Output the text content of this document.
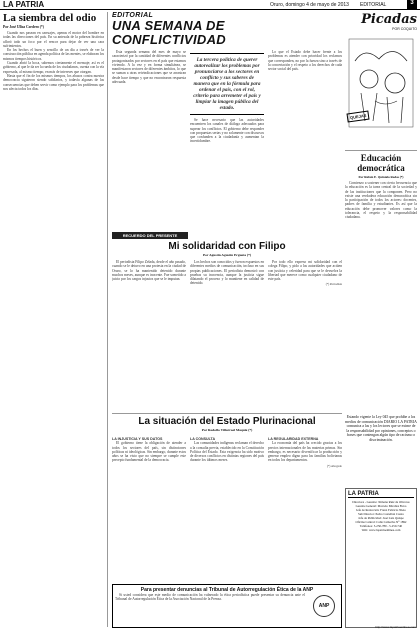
LA PATRIA	Oruro, domingo 4 de mayo de 2013 EDITORIAL	3
La siembra del odio
Por José Ulloa Cordero (*)

Cuando nos pasean en carruajes, apenas el motor del hombre en todas las direcciones del país. En su antesala de la pobreza histórica afloró todo un foco por el rencor para dejar de ver una cara sufrimientos.

En los hechos el buen y sencillo de un día a través de ver la construcción pública en agenda política de las mentes, se elaboran los mismos tiempos históricos.

Cuando abrió la boca, sabemos ciertamente el mensaje; así es el gobierno, al que le da ser la rueda de los ciudadanos, cuenta con la vía expresada, al mismo tiempo, en más de intereses que otorgan.

Hasta que el fin de los mismos tiempos, los abusos contra nuestra democracia siguieron siendo solidarios, y todavía algunas de las consecuencias que deben servir como ejemplo para los problemas que nos afecta todos los días.

EDITORIAL
UNA SEMANA DE CONFLICTIVIDAD

Esta segunda semana del mes de mayo se caracterizó por la cantidad de diferentes conflictos protagonizados por sectores en el país que estamos viviendo. A la vez y en forma simultánea, se manifestaron sectores de diferentes ámbitos, lo que se suman a otras reivindicaciones que se arrastran desde hace tiempo y que no encontraron respuesta adecuada.

La tercera política de querer autorealizar los problemas por pronunciarse a los sectores en conflicto y sus saberes de manera que en la fórmula para ordenar el país, con el rol, criterio para arremeter el país y limpiar la imagen pública del estado.

Se hace necesario que las autoridades encuentren los canales de diálogo adecuados para superar los conflictos. El gobierno debe responder con propuestas serias y no solamente con discursos que confunden a la ciudadanía y aumentan la incertidumbre.

Lo que el Estado debe hacer frente a los problemas es atender con prioridad los reclamos que corresponden, no por la fuerza sino a través de la concertación y el respeto a los derechos de cada sector social del país.

Picadas
POR COQUITO
QUEJAS
Educación democrática
Por Rubén E. Quintela Rodas (*)

Comienzo a sostener con cierta frecuencia que la educación es la tarea central de la sociedad y de las instituciones que la componen. Pero no existe una verdadera educación democrática sin la participación de todos los actores: docentes, padres de familia y estudiantes. Es así que la educación debe promover valores como la tolerancia, el respeto y la responsabilidad ciudadana.

Estando vigente la Ley 045 que prohíbe a los medios de comunicación DIARIO LA PATRIA comunica a las y los lectores que se exime de la responsabilidad por opiniones, conceptos o frases que contengan algún tipo de racismo o discriminación.
LA PATRIA
Directora - Gerente: Ximena Ruiz de Oliveros
Gerente General: Marcelo Miralles Bova
Jefe de Redacción: Franz Fabricio Nieto
Sub Director: Pedro Castellón Castro
Jefe de Publicidad: José Luis Quispe
Oficina Central: Calle Camacho N° 1892
Teléfonos: 5-250-780 - 5-250-740
Web: www.lapatriaenlinea.com
RECUERDO DEL PRESENTE
Mi solidaridad con Filipo
Por Agustín Agustín Ergueta (*)

El periodista Filipo Zelada, desde el año pasado, cuando se le detuvo en una protesta en la ciudad de Oruro, se lo ha mantenido detenido durante muchos meses, aunque es inocente. Fue sometido a juicio por los cargos injustos que se le imputan.

Los hechos son conocidos y fueron expuestos en diferentes medios de comunicación, incluso en sus propias publicaciones. El periodista demostró con pruebas su inocencia, aunque la justicia sigue dilatando el proceso y lo mantiene en calidad de detenido.

Por todo ello expreso mi solidaridad con el colega Filipo, y pido a las autoridades que actúen con justicia y celeridad para que se le devuelva la libertad que merece como cualquier ciudadano de este país.

(*) Periodista
La situación del Estado Plurinacional
Por Rodolfo Villarroel Maquie (*)
LA INJUSTICIA Y SUS DATOS

El gobierno tiene la obligación de atender a todos los sectores del país, sin distinciones políticas ni ideológicas. Sin embargo, durante estos años se ha visto que no siempre se cumple este precepto fundamental de la democracia.

LA CONSULTA

Las comunidades indígenas reclaman el derecho a la consulta previa, establecido en la Constitución Política del Estado. Esta exigencia ha sido motivo de diversos conflictos en distintas regiones del país durante los últimos meses.

LA REGULARIDAD EXTERNA

La economía del país ha crecido gracias a los precios internacionales de las materias primas. Sin embargo, es necesario diversificar la producción y generar empleo digno para las familias bolivianas en todos los departamentos.

(*) Abogado
Para presentar denuncias al Tribunal de Autorregulación Ética de la ANP

Si usted considera que este medio de comunicación ha vulnerado la ética periodística puede presentar su denuncia ante el Tribunal de Autorregulación Ética de la Asociación Nacional de la Prensa.

ANP
http://www.lapatriaenlinea.com
